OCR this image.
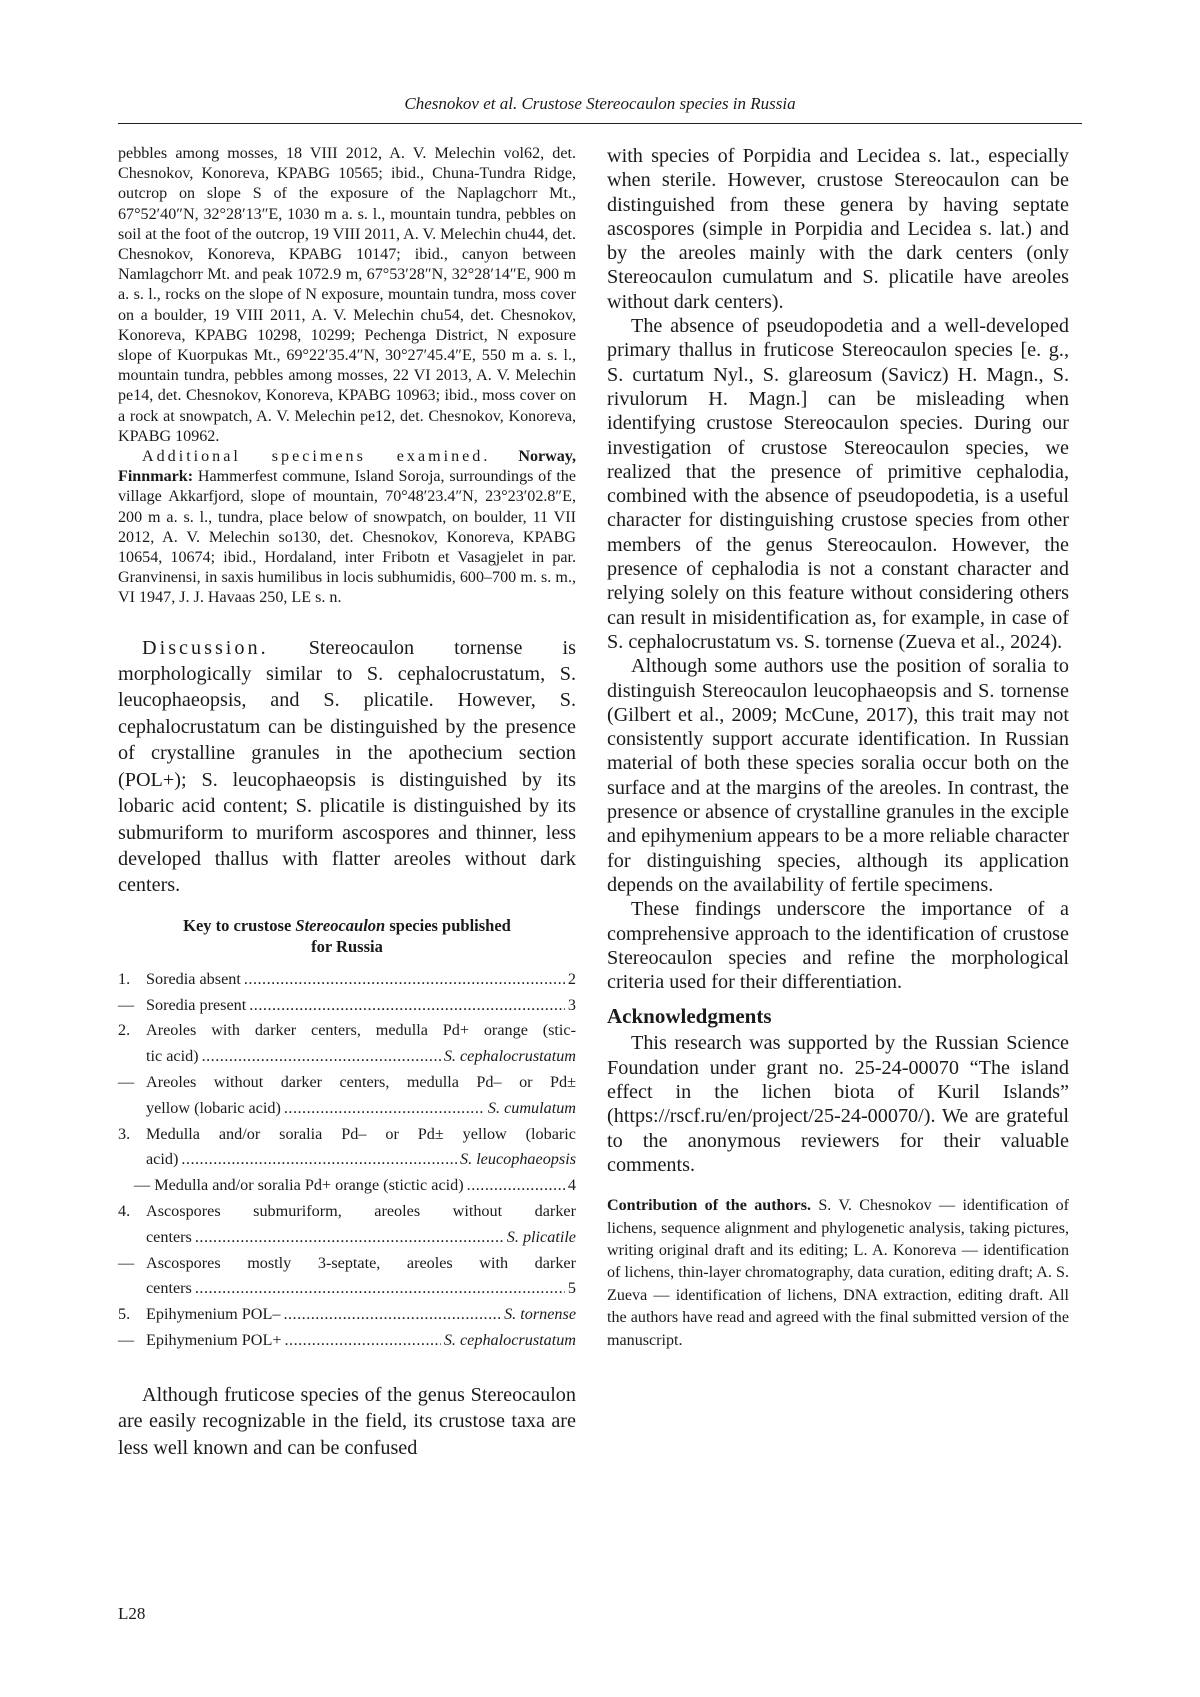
Chesnokov et al. Crustose Stereocaulon species in Russia

pebbles among mosses, 18 VIII 2012, A. V. Melechin vol62, det. Chesnokov, Konoreva, KPABG 10565; ibid., Chuna-Tundra Ridge, outcrop on slope S of the exposure of the Naplagchorr Mt., 67°52′40″N, 32°28′13″E, 1030 m a. s. l., mountain tundra, pebbles on soil at the foot of the outcrop, 19 VIII 2011, A. V. Melechin chu44, det. Chesnokov, Konoreva, KPABG 10147; ibid., canyon between Namlagchorr Mt. and peak 1072.9 m, 67°53′28″N, 32°28′14″E, 900 m a. s. l., rocks on the slope of N exposure, mountain tundra, moss cover on a boulder, 19 VIII 2011, A. V. Melechin chu54, det. Chesnokov, Konoreva, KPABG 10298, 10299; Pechenga District, N exposure slope of Kuorpukas Mt., 69°22′35.4″N, 30°27′45.4″E, 550 m a. s. l., mountain tundra, pebbles among mosses, 22 VI 2013, A. V. Melechin pe14, det. Chesnokov, Konoreva, KPABG 10963; ibid., moss cover on a rock at snowpatch, A. V. Melechin pe12, det. Chesnokov, Konoreva, KPABG 10962.

Additional specimens examined. Norway, Finnmark: Hammerfest commune, Island Soroja, surroundings of the village Akkarfjord, slope of mountain, 70°48′23.4″N, 23°23′02.8″E, 200 m a. s. l., tundra, place below of snowpatch, on boulder, 11 VII 2012, A. V. Melechin so130, det. Chesnokov, Konoreva, KPABG 10654, 10674; ibid., Hordaland, inter Fribotn et Vasagjelet in par. Granvinensi, in saxis humilibus in locis subhumidis, 600–700 m. s. m., VI 1947, J. J. Havaas 250, LE s. n.

Discussion. Stereocaulon tornense is morphologically similar to S. cephalocrustatum, S. leucophaeopsis, and S. plicatile. However, S. cephalocrustatum can be distinguished by the presence of crystalline granules in the apothecium section (POL+); S. leucophaeopsis is distinguished by its lobaric acid content; S. plicatile is distinguished by its submuriform to muriform ascospores and thinner, less developed thallus with flatter areoles without dark centers.

Key to crustose Stereocaulon species published
for Russia
1. Soredia absent .....	2
— Soredia present .....	3
2. Areoles with darker centers, medulla Pd+ orange (stic-
tic acid) .....	S. cephalocrustatum
— Areoles without darker centers, medulla Pd– or Pd±
yellow (lobaric acid) .....	S. cumulatum
3. Medulla and/or soralia Pd– or Pd± yellow (lobaric
acid) .....	S. leucophaeopsis
— Medulla and/or soralia Pd+ orange (stictic acid) .....	4
4. Ascospores submuriform, areoles without darker
centers .....	S. plicatile
— Ascospores mostly 3-septate, areoles with darker
centers .....	5
5. Epihymenium POL– .....	S. tornense
— Epihymenium POL+ .....	S. cephalocrustatum

Although fruticose species of the genus Stereocaulon are easily recognizable in the field, its crustose taxa are less well known and can be confused

with species of Porpidia and Lecidea s. lat., especially when sterile. However, crustose Stereocaulon can be distinguished from these genera by having septate ascospores (simple in Porpidia and Lecidea s. lat.) and by the areoles mainly with the dark centers (only Stereocaulon cumulatum and S. plicatile have areoles without dark centers).

The absence of pseudopodetia and a well-developed primary thallus in fruticose Stereocaulon species [e. g., S. curtatum Nyl., S. glareosum (Savicz) H. Magn., S. rivulorum H. Magn.] can be misleading when identifying crustose Stereocaulon species. During our investigation of crustose Stereocaulon species, we realized that the presence of primitive cephalodia, combined with the absence of pseudopodetia, is a useful character for distinguishing crustose species from other members of the genus Stereocaulon. However, the presence of cephalodia is not a constant character and relying solely on this feature without considering others can result in misidentification as, for example, in case of S. cephalocrustatum vs. S. tornense (Zueva et al., 2024).

Although some authors use the position of soralia to distinguish Stereocaulon leucophaeopsis and S. tornense (Gilbert et al., 2009; McCune, 2017), this trait may not consistently support accurate identification. In Russian material of both these species soralia occur both on the surface and at the margins of the areoles. In contrast, the presence or absence of crystalline granules in the exciple and epihymenium appears to be a more reliable character for distinguishing species, although its application depends on the availability of fertile specimens.

These findings underscore the importance of a comprehensive approach to the identification of crustose Stereocaulon species and refine the morphological criteria used for their differentiation.

Acknowledgments

This research was supported by the Russian Science Foundation under grant no. 25-24-00070 “The island effect in the lichen biota of Kuril Islands” (https://rscf.ru/en/project/25-24-00070/). We are grateful to the anonymous reviewers for their valuable comments.

Contribution of the authors. S. V. Chesnokov — identification of lichens, sequence alignment and phylogenetic analysis, taking pictures, writing original draft and its editing; L. A. Konoreva — identification of lichens, thin-layer chromatography, data curation, editing draft; A. S. Zueva — identification of lichens, DNA extraction, editing draft. All the authors have read and agreed with the final submitted version of the manuscript.

L28
